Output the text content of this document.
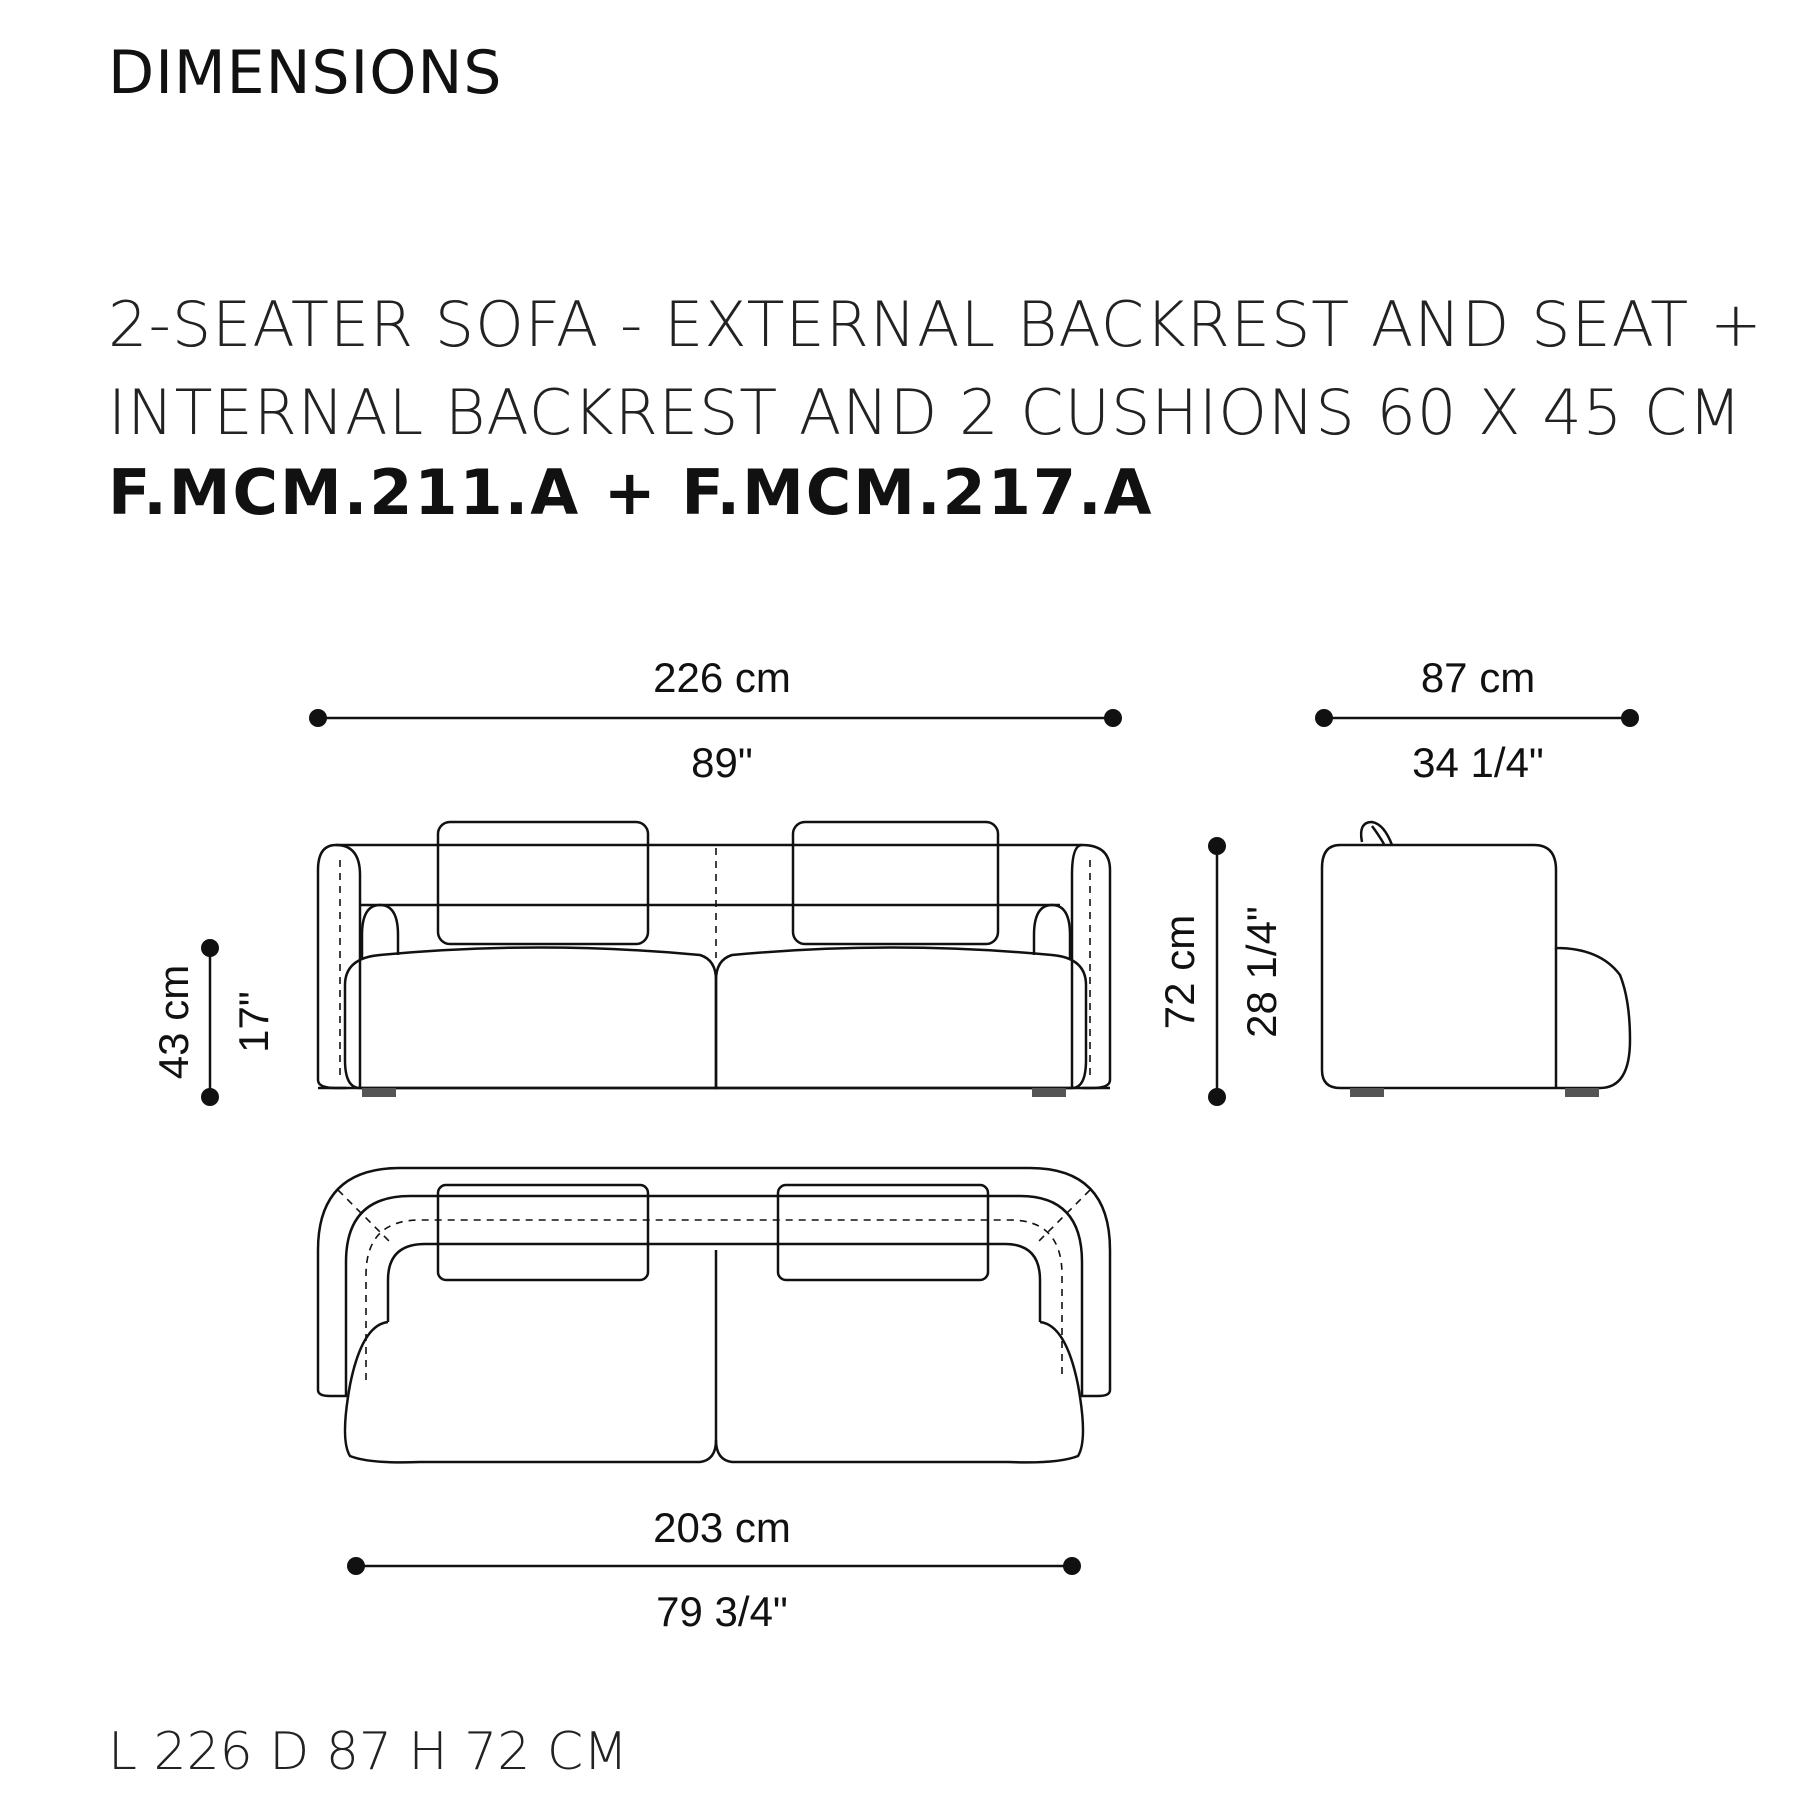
DIMENSIONS
2-SEATER SOFA - EXTERNAL BACKREST AND SEAT +
INTERNAL BACKREST AND 2 CUSHIONS 60 X 45 CM
F.MCM.211.A + F.MCM.217.A
226 cm
89"
87 cm
34 1/4"
43 cm 17"	72 cm 28 1/4"
203 cm
79 3/4"
L 226 D 87 H 72 CM
